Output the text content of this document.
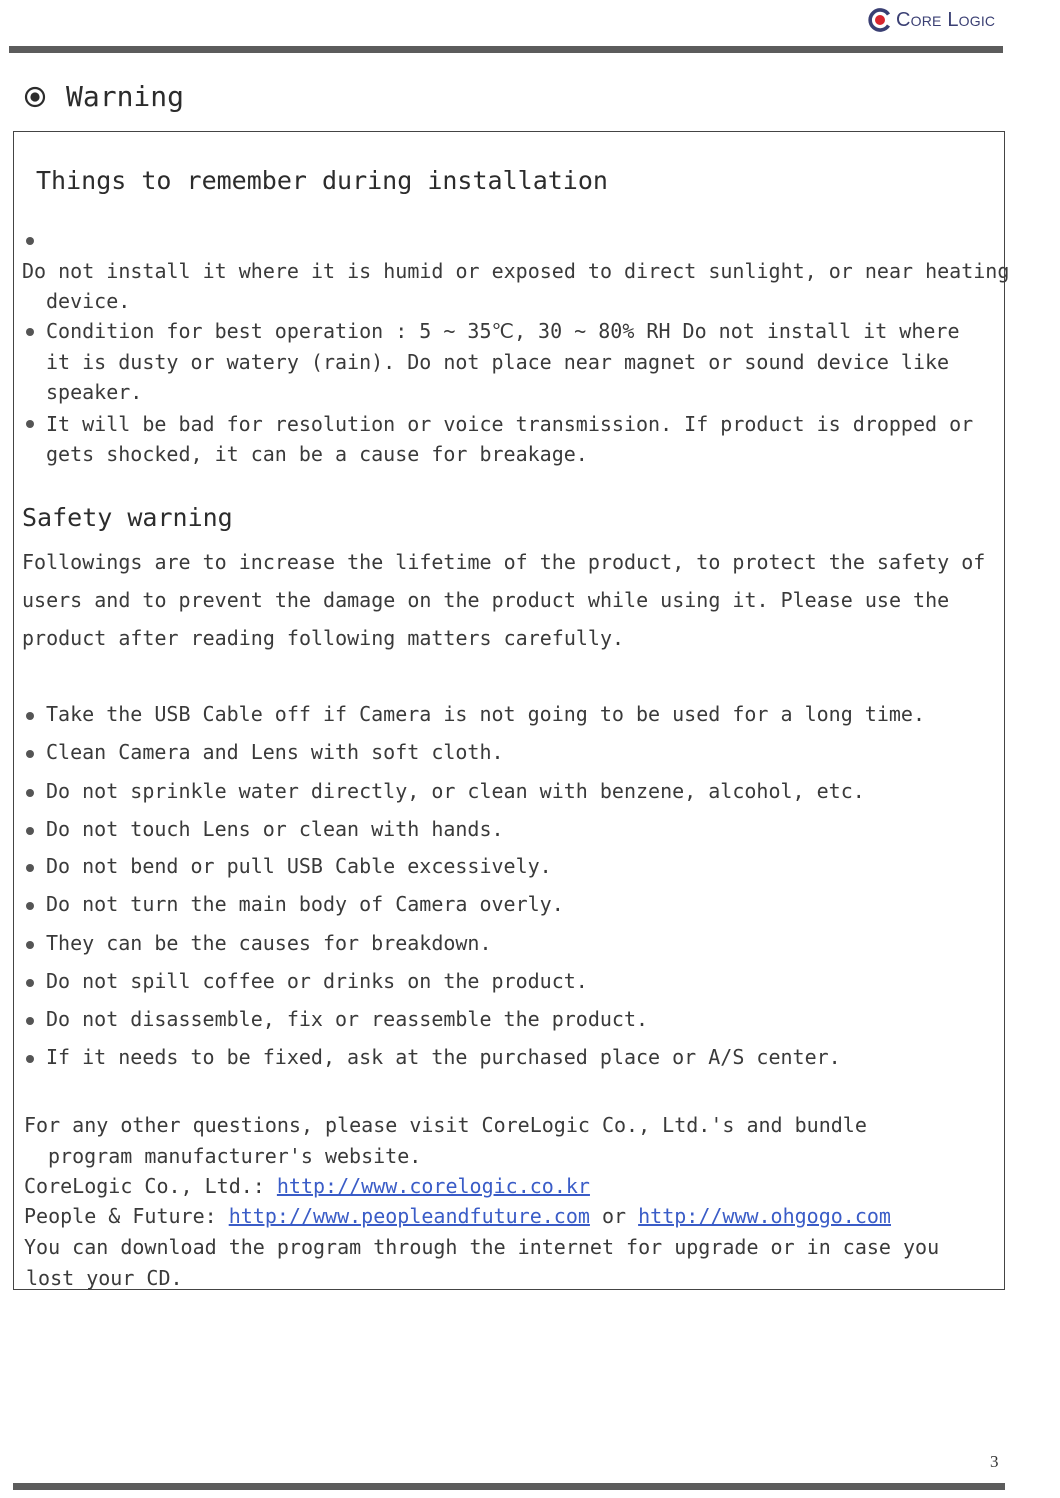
Core Logic
Warning
Things to remember during installation
Do not install it where it is humid or exposed to direct sunlight, or near heating
device.
Condition for best operation : 5 ~ 35℃, 30 ~ 80% RH Do not install it where
it is dusty or watery (rain). Do not place near magnet or sound device like
speaker.
It will be bad for resolution or voice transmission. If product is dropped or
gets shocked, it can be a cause for breakage.
Safety warning
Followings are to increase the lifetime of the product, to protect the safety of
users and to prevent the damage on the product while using it. Please use the
product after reading following matters carefully.
Take the USB Cable off if Camera is not going to be used for a long time.
Clean Camera and Lens with soft cloth.
Do not sprinkle water directly, or clean with benzene, alcohol, etc.
Do not touch Lens or clean with hands.
Do not bend or pull USB Cable excessively.
Do not turn the main body of Camera overly.
They can be the causes for breakdown.
Do not spill coffee or drinks on the product.
Do not disassemble, fix or reassemble the product.
If it needs to be fixed, ask at the purchased place or A/S center.
For any other questions, please visit CoreLogic Co., Ltd.'s and bundle
program manufacturer's website.
CoreLogic Co., Ltd.: http://www.corelogic.co.kr
People & Future: http://www.peopleandfuture.com or http://www.ohgogo.com
You can download the program through the internet for upgrade or in case you
lost your CD.
3
